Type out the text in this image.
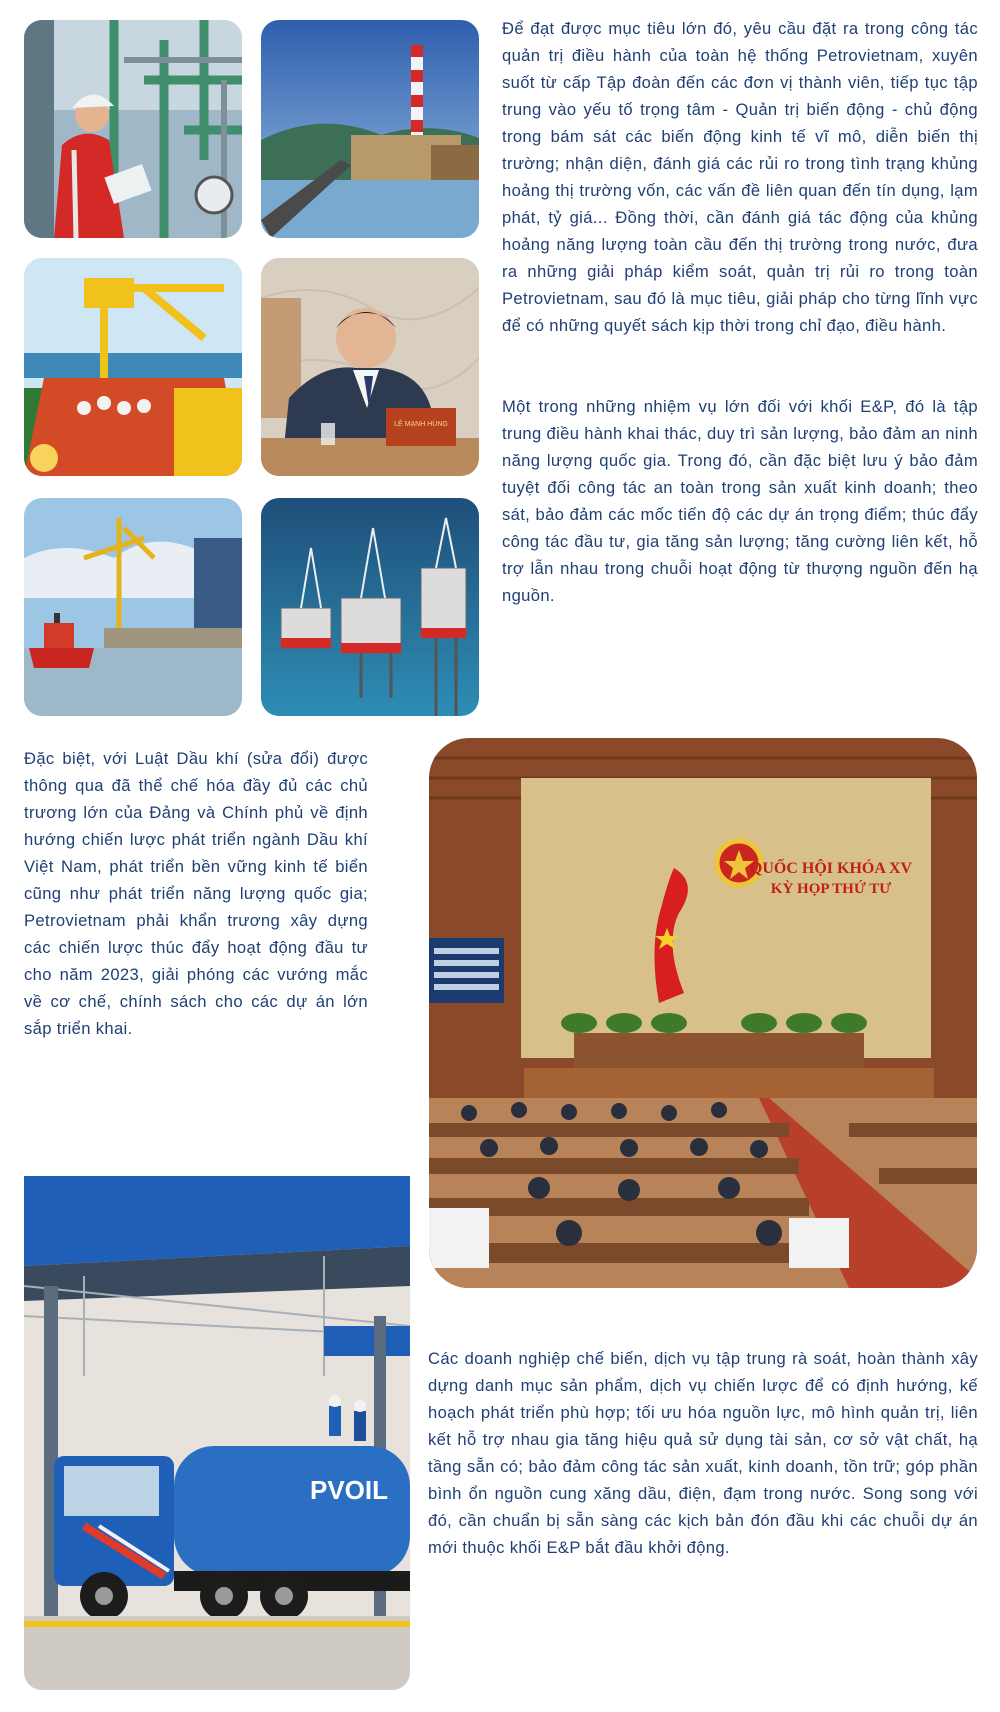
LÊ MẠNH HÙNG

Để đạt được mục tiêu lớn đó, yêu cầu đặt ra trong công tác quản trị điều hành của toàn hệ thống Petrovietnam, xuyên suốt từ cấp Tập đoàn đến các đơn vị thành viên, tiếp tục tập trung vào yếu tố trọng tâm - Quản trị biến động - chủ động trong bám sát các biến động kinh tế vĩ mô, diễn biến thị trường; nhận diện, đánh giá các rủi ro trong tình trạng khủng hoảng thị trường vốn, các vấn đề liên quan đến tín dụng, lạm phát, tỷ giá... Đồng thời, cần đánh giá tác động của khủng hoảng năng lượng toàn cầu đến thị trường trong nước, đưa ra những giải pháp kiểm soát, quản trị rủi ro trong toàn Petrovietnam, sau đó là mục tiêu, giải pháp cho từng lĩnh vực để có những quyết sách kịp thời trong chỉ đạo, điều hành.

Một trong những nhiệm vụ lớn đối với khối E&P, đó là tập trung điều hành khai thác, duy trì sản lượng, bảo đảm an ninh năng lượng quốc gia. Trong đó, cần đặc biệt lưu ý bảo đảm tuyệt đối công tác an toàn trong sản xuất kinh doanh; theo sát, bảo đảm các mốc tiến độ các dự án trọng điểm; thúc đẩy công tác đầu tư, gia tăng sản lượng; tăng cường liên kết, hỗ trợ lẫn nhau trong chuỗi hoạt động từ thượng nguồn đến hạ nguồn.

Đặc biệt, với Luật Dầu khí (sửa đổi) được thông qua đã thể chế hóa đầy đủ các chủ trương lớn của Đảng và Chính phủ về định hướng chiến lược phát triển ngành Dầu khí Việt Nam, phát triển bền vững kinh tế biển cũng như phát triển năng lượng quốc gia; Petrovietnam phải khẩn trương xây dựng các chiến lược thúc đẩy hoạt động đầu tư cho năm 2023, giải phóng các vướng mắc về cơ chế, chính sách cho các dự án lớn sắp triển khai.

QUỐC HỘI KHÓA XV
KỲ HỌP THỨ TƯ
PVOIL

Các doanh nghiệp chế biến, dịch vụ tập trung rà soát, hoàn thành xây dựng danh mục sản phẩm, dịch vụ chiến lược để có định hướng, kế hoạch phát triển phù hợp; tối ưu hóa nguồn lực, mô hình quản trị, liên kết hỗ trợ nhau gia tăng hiệu quả sử dụng tài sản, cơ sở vật chất, hạ tầng sẵn có; bảo đảm công tác sản xuất, kinh doanh, tồn trữ; góp phần bình ổn nguồn cung xăng dầu, điện, đạm trong nước. Song song với đó, cần chuẩn bị sẵn sàng các kịch bản đón đầu khi các chuỗi dự án mới thuộc khối E&P bắt đầu khởi động.
